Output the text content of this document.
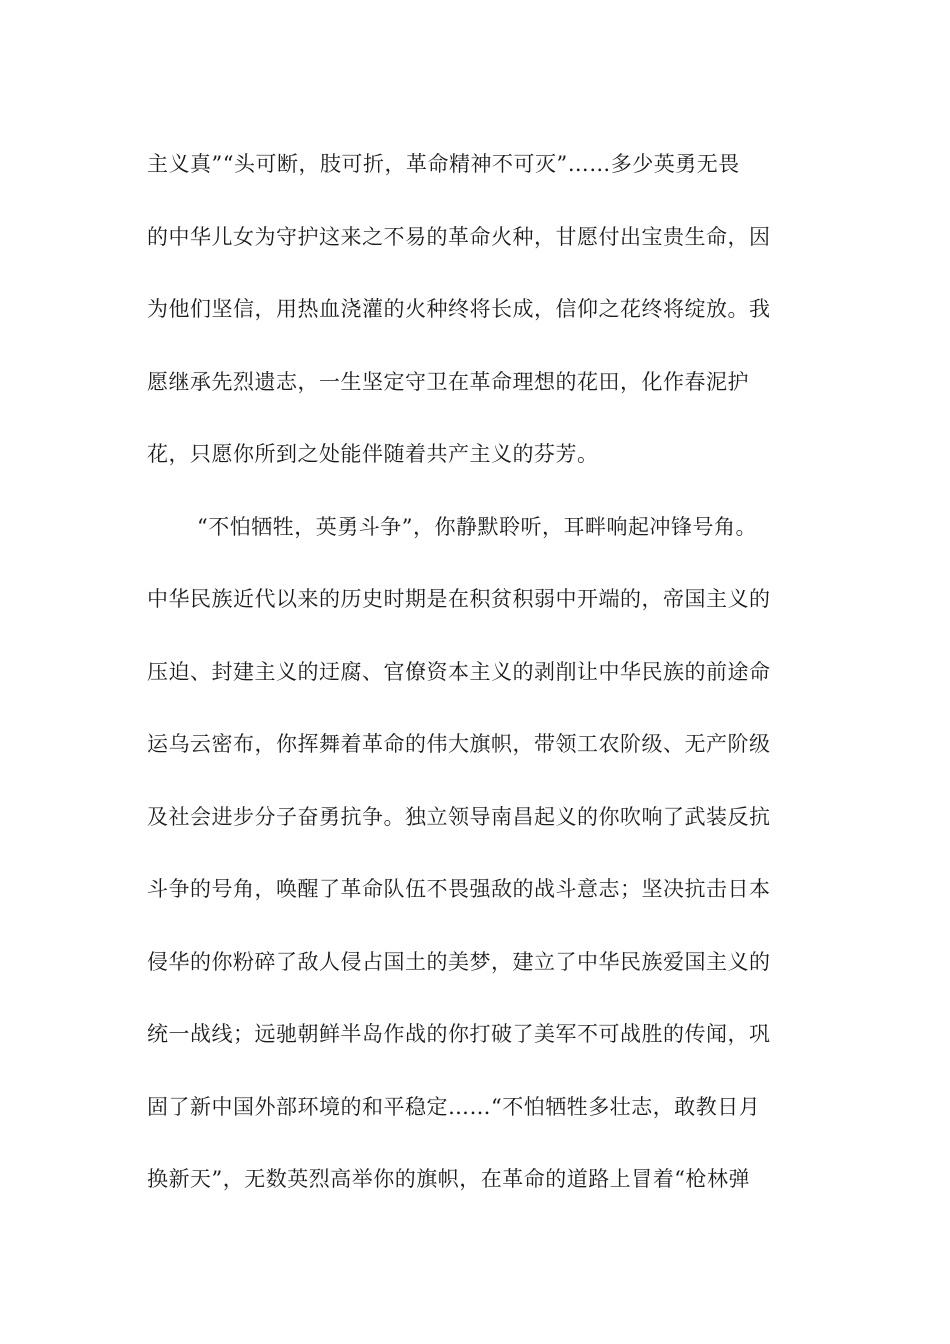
主义真”“头可断，肢可折，革命精神不可灭”……多少英勇无畏
的中华儿女为守护这来之不易的革命火种，甘愿付出宝贵生命，因
为他们坚信，用热血浇灌的火种终将长成，信仰之花终将绽放。我
愿继承先烈遗志，一生坚定守卫在革命理想的花田，化作春泥护
花，只愿你所到之处能伴随着共产主义的芬芳。
“不怕牺牲，英勇斗争”，你静默聆听，耳畔响起冲锋号角。
中华民族近代以来的历史时期是在积贫积弱中开端的，帝国主义的
压迫、封建主义的迂腐、官僚资本主义的剥削让中华民族的前途命
运乌云密布，你挥舞着革命的伟大旗帜，带领工农阶级、无产阶级
及社会进步分子奋勇抗争。独立领导南昌起义的你吹响了武装反抗
斗争的号角，唤醒了革命队伍不畏强敌的战斗意志；坚决抗击日本
侵华的你粉碎了敌人侵占国土的美梦，建立了中华民族爱国主义的
统一战线；远驰朝鲜半岛作战的你打破了美军不可战胜的传闻，巩
固了新中国外部环境的和平稳定……“不怕牺牲多壮志，敢教日月
换新天”，无数英烈高举你的旗帜，在革命的道路上冒着“枪林弹
